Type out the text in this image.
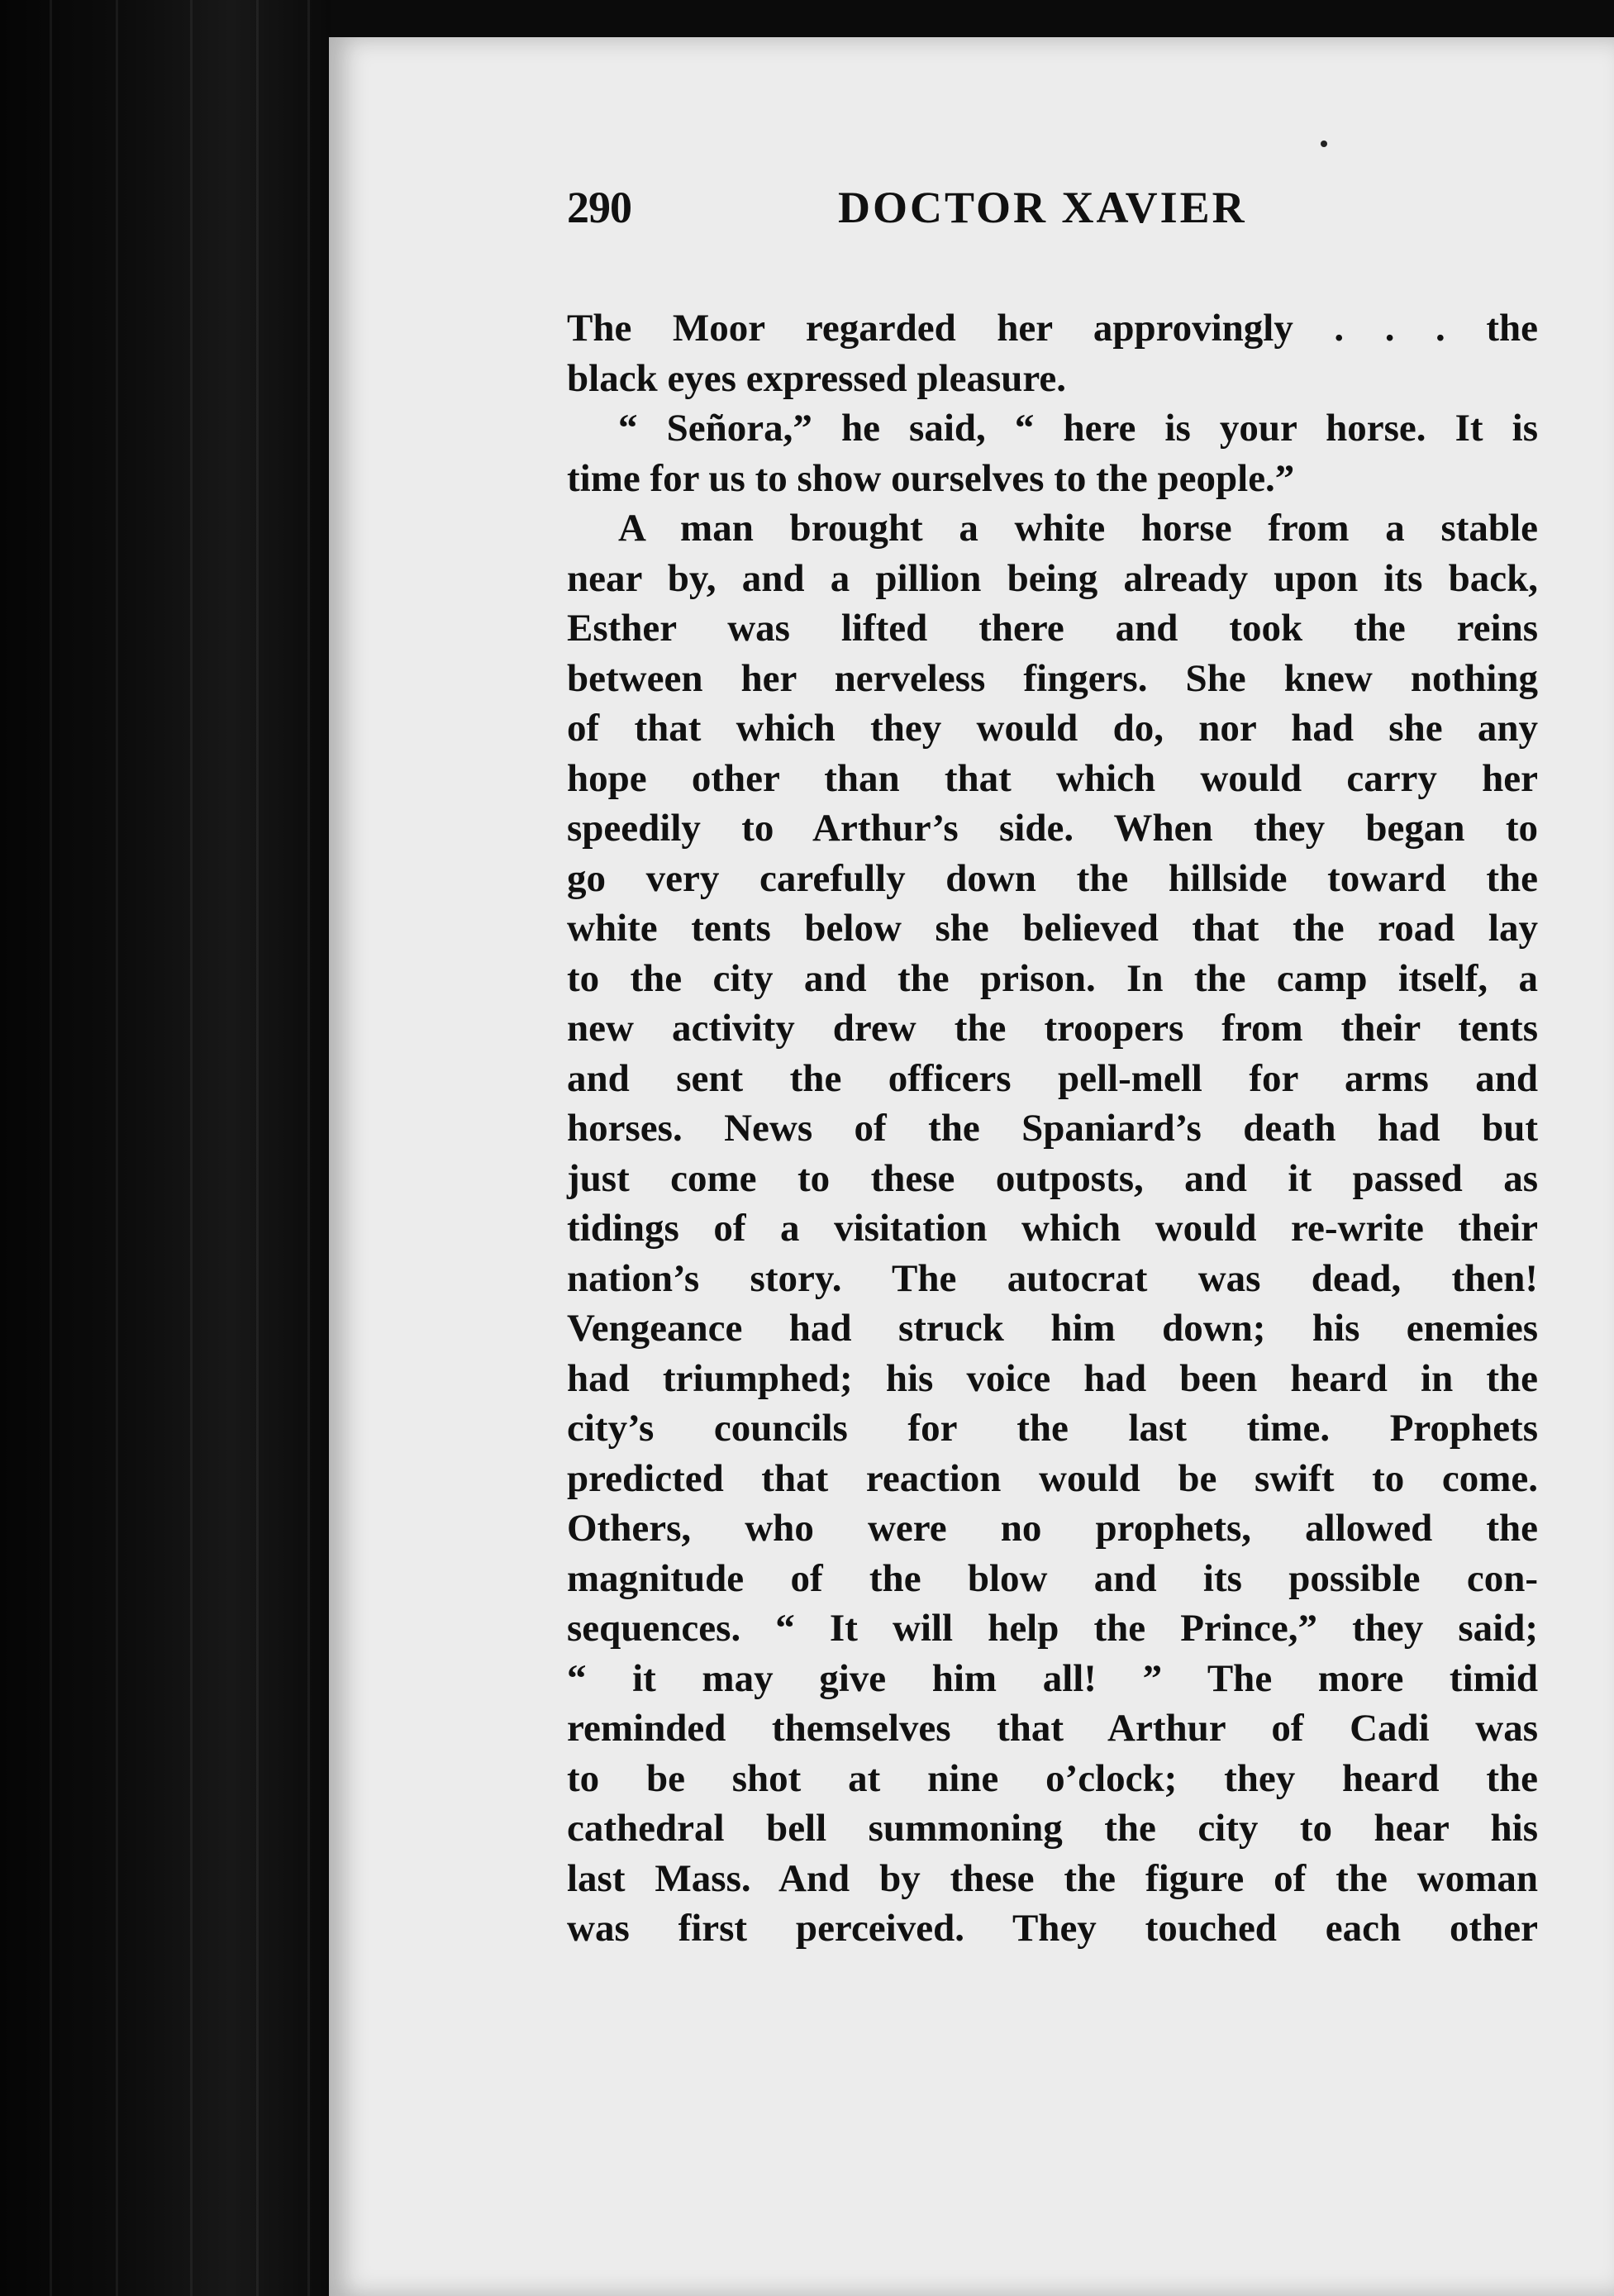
290	DOCTOR XAVIER
The Moor regarded her approvingly . . . the
black eyes expressed pleasure.
“ Señora,” he said, “ here is your horse. It is
time for us to show ourselves to the people.”
A man brought a white horse from a stable
near by, and a pillion being already upon its back,
Esther was lifted there and took the reins
between her nerveless fingers. She knew nothing
of that which they would do, nor had she any
hope other than that which would carry her
speedily to Arthur’s side. When they began to
go very carefully down the hillside toward the
white tents below she believed that the road lay
to the city and the prison. In the camp itself, a
new activity drew the troopers from their tents
and sent the officers pell-mell for arms and
horses. News of the Spaniard’s death had but
just come to these outposts, and it passed as
tidings of a visitation which would re-write their
nation’s story. The autocrat was dead, then!
Vengeance had struck him down; his enemies
had triumphed; his voice had been heard in the
city’s councils for the last time. Prophets
predicted that reaction would be swift to come.
Others, who were no prophets, allowed the
magnitude of the blow and its possible con-
sequences. “ It will help the Prince,” they said;
“ it may give him all! ” The more timid
reminded themselves that Arthur of Cadi was
to be shot at nine o’clock; they heard the
cathedral bell summoning the city to hear his
last Mass. And by these the figure of the woman
was first perceived. They touched each other
